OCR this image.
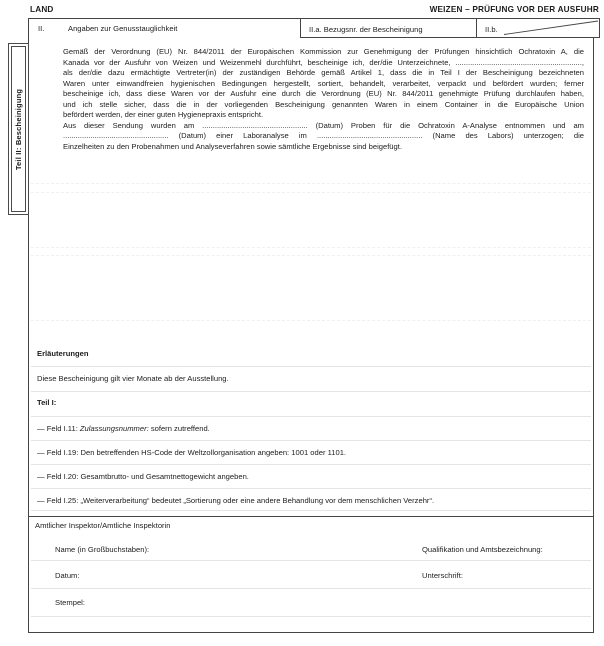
LAND	WEIZEN – PRÜFUNG VOR DER AUSFUHR
II.	Angaben zur Genusstauglichkeit	II.a. Bezugsnr. der Bescheinigung	II.b.
Teil II: Bescheinigung
Gemäß der Verordnung (EU) Nr. 844/2011 der Europäischen Kommission zur Genehmigung der Prüfungen hinsichtlich Ochratoxin A, die
Kanada vor der Ausfuhr von Weizen und Weizenmehl durchführt, bescheinige ich, der/die Unterzeichnete, ............................................................,
als der/die dazu ermächtigte Vertreter(in) der zuständigen Behörde gemäß Artikel 1, dass die in Teil I der Bescheinigung bezeichneten
Waren unter einwandfreien hygienischen Bedingungen hergestellt, sortiert, behandelt, verarbeitet, verpackt und befördert wurden; ferner
bescheinige ich, dass diese Waren vor der Ausfuhr eine durch die Verordnung (EU) Nr. 844/2011 genehmigte Prüfung durchlaufen haben,
und ich stelle sicher, dass die in der vorliegenden Bescheinigung genannten Waren in einem Container in die Europäische Union
befördert werden, der einer guten Hygienepraxis entspricht.
Aus dieser Sendung wurden am .................................................. (Datum) Proben für die Ochratoxin A-Analyse entnommen und am
.................................................. (Datum) einer Laboranalyse im .................................................. (Name des Labors) unterzogen; die
Einzelheiten zu den Probenahmen und Analyseverfahren sowie sämtliche Ergebnisse sind beigefügt.
Erläuterungen
Diese Bescheinigung gilt vier Monate ab der Ausstellung.
Teil I:
— Feld I.11: Zulassungsnummer: sofern zutreffend.
— Feld I.19: Den betreffenden HS-Code der Weltzollorganisation angeben: 1001 oder 1101.
— Feld I.20: Gesamtbrutto- und Gesamtnettogewicht angeben.
— Feld I.25: „Weiterverarbeitung“ bedeutet „Sortierung oder eine andere Behandlung vor dem menschlichen Verzehr“.
Amtlicher Inspektor/Amtliche Inspektorin
Name (in Großbuchstaben):	Qualifikation und Amtsbezeichnung:
Datum:	Unterschrift:
Stempel:
